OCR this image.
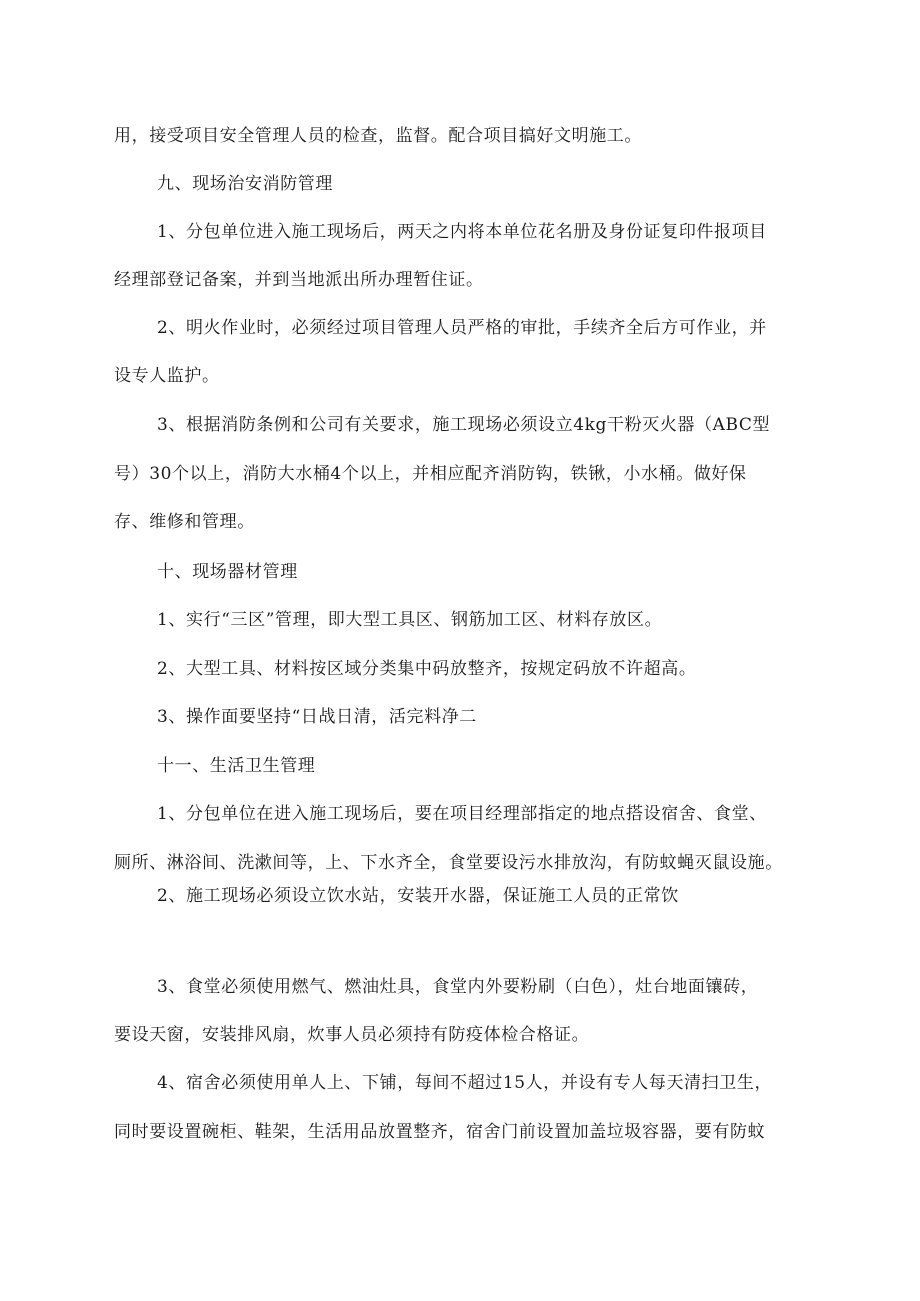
用，接受项目安全管理人员的检查，监督。配合项目搞好文明施工。
九、现场治安消防管理
1、分包单位进入施工现场后，两天之内将本单位花名册及身份证复印件报项目
经理部登记备案，并到当地派出所办理暂住证。
2、明火作业时，必须经过项目管理人员严格的审批，手续齐全后方可作业，并
设专人监护。
3、根据消防条例和公司有关要求，施工现场必须设立4kg干粉灭火器（ABC型
号）30个以上，消防大水桶4个以上，并相应配齐消防钩，铁锹，小水桶。做好保
存、维修和管理。
十、现场器材管理
1、实行“三区”管理，即大型工具区、钢筋加工区、材料存放区。
2、大型工具、材料按区域分类集中码放整齐，按规定码放不许超高。
3、操作面要坚持“日战日清，活完料净二
十一、生活卫生管理
1、分包单位在进入施工现场后，要在项目经理部指定的地点搭设宿舍、食堂、
厕所、淋浴间、洗漱间等，上、下水齐全，食堂要设污水排放沟，有防蚊蝇灭鼠设施。
2、施工现场必须设立饮水站，安装开水器，保证施工人员的正常饮
3、食堂必须使用燃气、燃油灶具，食堂内外要粉刷（白色），灶台地面镶砖，
要设天窗，安装排风扇，炊事人员必须持有防疫体检合格证。
4、宿舍必须使用单人上、下铺，每间不超过15人，并设有专人每天清扫卫生，
同时要设置碗柜、鞋架，生活用品放置整齐，宿舍门前设置加盖垃圾容器，要有防蚊
